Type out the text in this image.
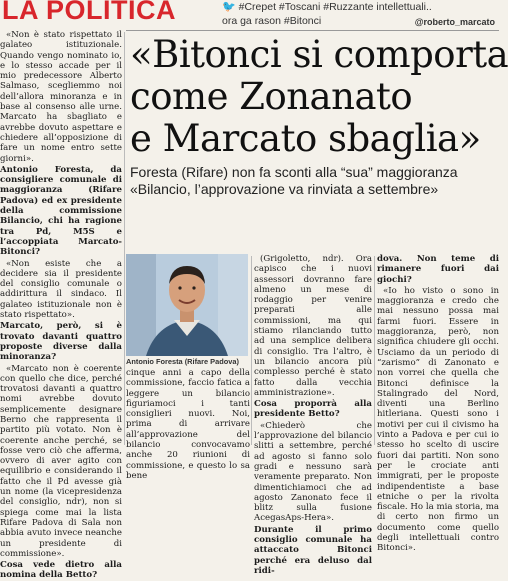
LA POLITICA	🐦 #Crepet #Toscani #Ruzzante intellettuali..
ora ga rason #Bitonci	@roberto_marcato

«Non è stato rispettato il galateo istituzionale. Quando vengo nominato io, e lo stesso accade per il mio predecessore Alberto Salmaso, scegliemmo noi dell’allora minoranza e in base al consenso alle urne. Marcato ha sbagliato e avrebbe dovuto aspettare e chiedere all’opposizione di fare un nome entro sette giorni».

Antonio Foresta, da consigliere comunale di maggioranza (Rifare Padova) ed ex presidente della commissione Bilancio, chi ha ragione tra Pd, M5S e l’accoppiata Marcato-Bitonci?

«Non esiste che a decidere sia il presidente del consiglio comunale o addirittura il sindaco. Il galateo istituzionale non è stato rispettato».

Marcato, però, si è trovato davanti quattro proposte diverse dalla minoranza?

«Marcato non è coerente con quello che dice, perché trovatosi davanti a quattro nomi avrebbe dovuto semplicemente designare Berno che rappresenta il partito più votato. Non è coerente anche perché, se fosse vero ciò che afferma, ovvero di aver agito con equilibrio e considerando il fatto che il Pd avesse già un nome (la vicepresidenza del consiglio, ndr), non si spiega come mai la lista Rifare Padova di Sala non abbia avuto invece neanche un presidente di commissione».

Cosa vede dietro alla nomina della Betto?

«Bitonci si comporta
come Zonanato
e Marcato sbaglia»
Foresta (Rifare) non fa sconti alla “sua” maggioranza
«Bilancio, l’approvazione va rinviata a settembre»
Antonio Foresta (Rifare Padova)

cinque anni a capo della commissione, faccio fatica a leggere un bilancio figuriamoci i tanti consiglieri nuovi. Noi, prima di arrivare all’approvazione del bilancio convocavamo anche 20 riunioni di commissione, e questo lo sa bene

(Grigoletto, ndr). Ora capisco che i nuovi assessori dovranno fare almeno un mese di rodaggio per venire preparati alle commissioni, ma qui stiamo rilanciando tutto ad una semplice delibera di consiglio. Tra l’altro, è un bilancio ancora più complesso perché è stato fatto dalla vecchia amministrazione».

Cosa proporrà alla presidente Betto?

«Chiederò che l’approvazione del bilancio slitti a settembre, perché ad agosto si fanno solo gradi e nessuno sarà veramente preparato. Non dimentichiamoci che ad agosto Zanonato fece il blitz sulla fusione AcegasAps-Hera».

Durante il primo consiglio comunale ha attaccato Bitonci perché era deluso dal ridi-

dova. Non teme di rimanere fuori dai giochi?

«Io ho visto o sono in maggioranza e credo che mai nessuno possa mai farmi fuori. Essere in maggioranza, però, non significa chiudere gli occhi. Usciamo da un periodo di “zarismo” di Zanonato e non vorrei che quella che Bitonci definisce la Stalingrado del Nord, diventi una Berlino hitleriana. Questi sono i motivi per cui il civismo ha vinto a Padova e per cui io stesso ho scelto di uscire fuori dai partiti. Non sono per le crociate anti immigrati, per le proposte indipendentiste a base etniche o per la rivolta fiscale. Ho la mia storia, ma di certo non firmo un documento come quello degli intellettuali contro Bitonci».
